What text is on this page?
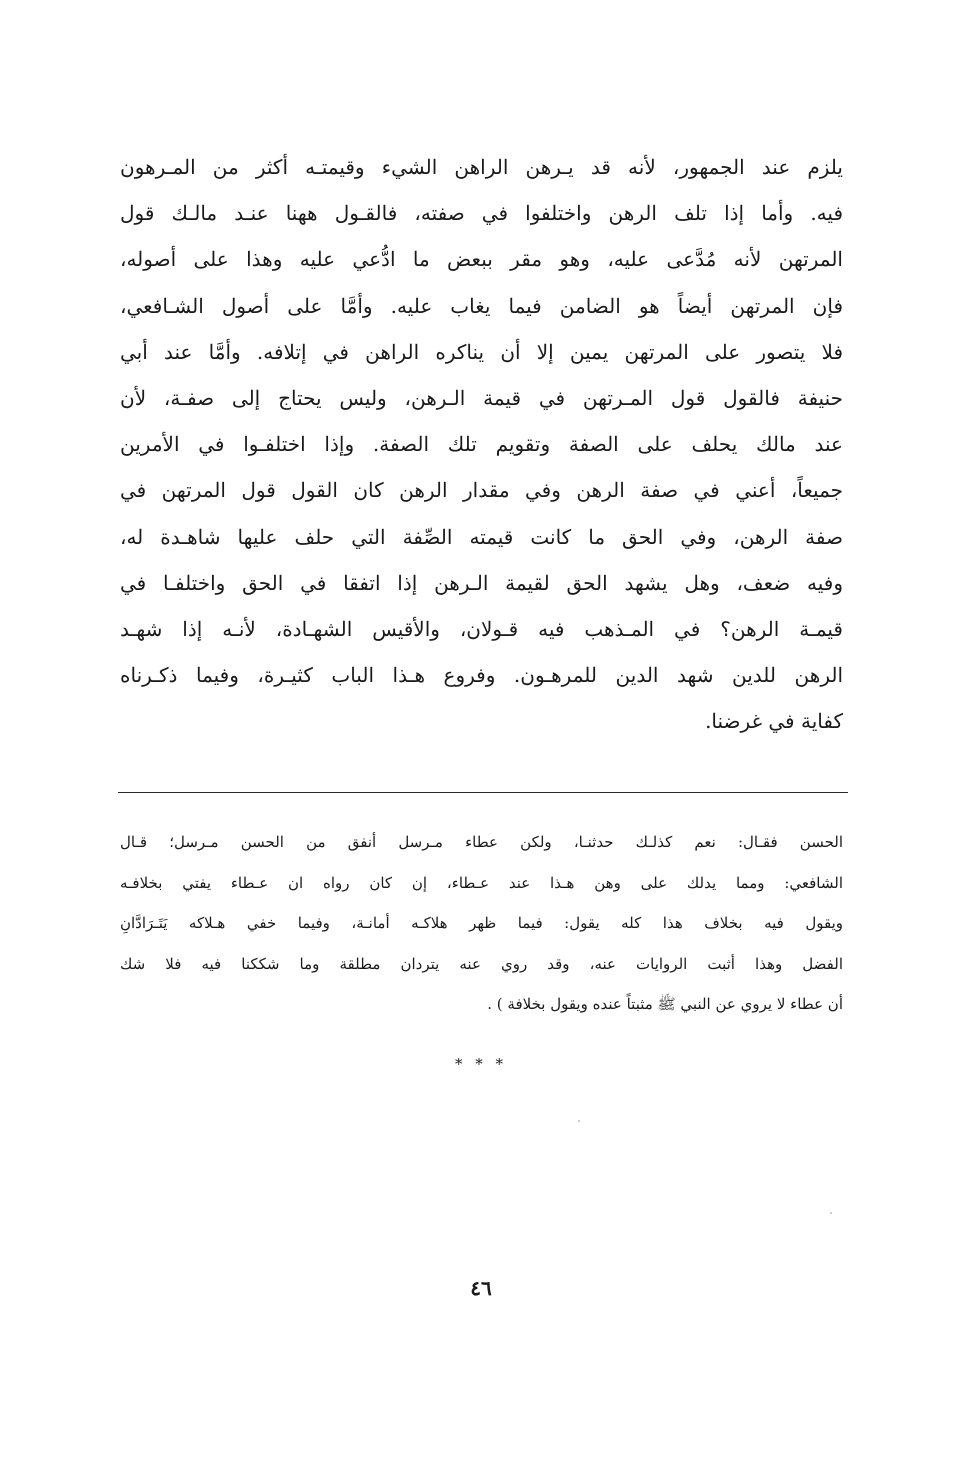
يلزم عند الجمهور، لأنه قد يـرهن الراهن الشيء وقيمتـه أكثر من المـرهون
فيه. وأما إذا تلف الرهن واختلفوا في صفته، فالقـول ههنا عنـد مالـك قول
المرتهن لأنه مُدَّعى عليه، وهو مقر ببعض ما ادُّعي عليه وهذا على أصوله،
فإن المرتهن أيضاً هو الضامن فيما يغاب عليه. وأمَّا على أصول الشـافعي،
فلا يتصور على المرتهن يمين إلا أن يناكره الراهن في إتلافه. وأمَّا عند أبي
حنيفة فالقول قول المـرتهن في قيمة الـرهن، وليس يحتاج إلى صفـة، لأن
عند مالك يحلف على الصفة وتقويم تلك الصفة. وإذا اختلفـوا في الأمرين
جميعاً، أعني في صفة الرهن وفي مقدار الرهن كان القول قول المرتهن في
صفة الرهن، وفي الحق ما كانت قيمته الصِّفة التي حلف عليها شاهـدة له،
وفيه ضعف، وهل يشهد الحق لقيمة الـرهن إذا اتفقا في الحق واختلفـا في
قيمـة الرهن؟ في المـذهب فيه قـولان، والأقيس الشهـادة، لأنـه إذا شهـد
الرهن للدين شهد الدين للمرهـون. وفروع هـذا الباب كثيـرة، وفيما ذكـرناه
كفاية في غرضنا.
الحسن فقـال: نعم كذلـك حدثنـا، ولكن عطاء مـرسل أنفق من الحسن مـرسل؛ قـال
الشافعي: ومما يدلك على وهن هـذا عند عـطاء، إن كان رواه ان عـطاء يفتي بخلافـه
ويقول فيه بخلاف هذا كله يقول: فيما ظهر هلاكـه أمانـة، وفيما خفي هـلاكه يَتَـرَادَّانِ
الفضل وهذا أثبت الروايات عنه، وقد روي عنه يتردان مطلقة وما شككنا فيه فلا شك
أن عطاء لا يروي عن النبي ﷺ مثبتاً عنده ويقول بخلافة ) .
* * *
٤٦
